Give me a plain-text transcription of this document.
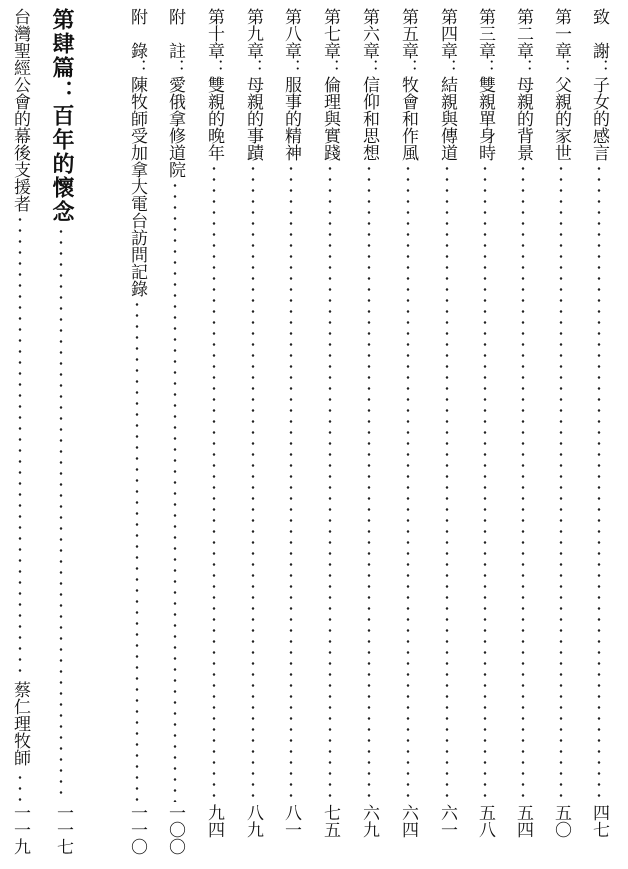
致　謝：子女的感言
四七
第一章：父親的家世
五〇
第二章：母親的背景
五四
第三章：雙親單身時
五八
第四章：結親與傳道
六一
第五章：牧會和作風
六四
第六章：信仰和思想
六九
第七章：倫理與實踐
七五
第八章：服事的精神
八一
第九章：母親的事蹟
八九
第十章：雙親的晚年
九四
附　註：愛俄拿修道院
一〇〇
附　錄：陳牧師受加拿大電台訪問記錄
一一〇
第肆篇：百年的懷念
一一七
台灣聖經公會的幕後支援者
蔡仁理牧師
一一九
